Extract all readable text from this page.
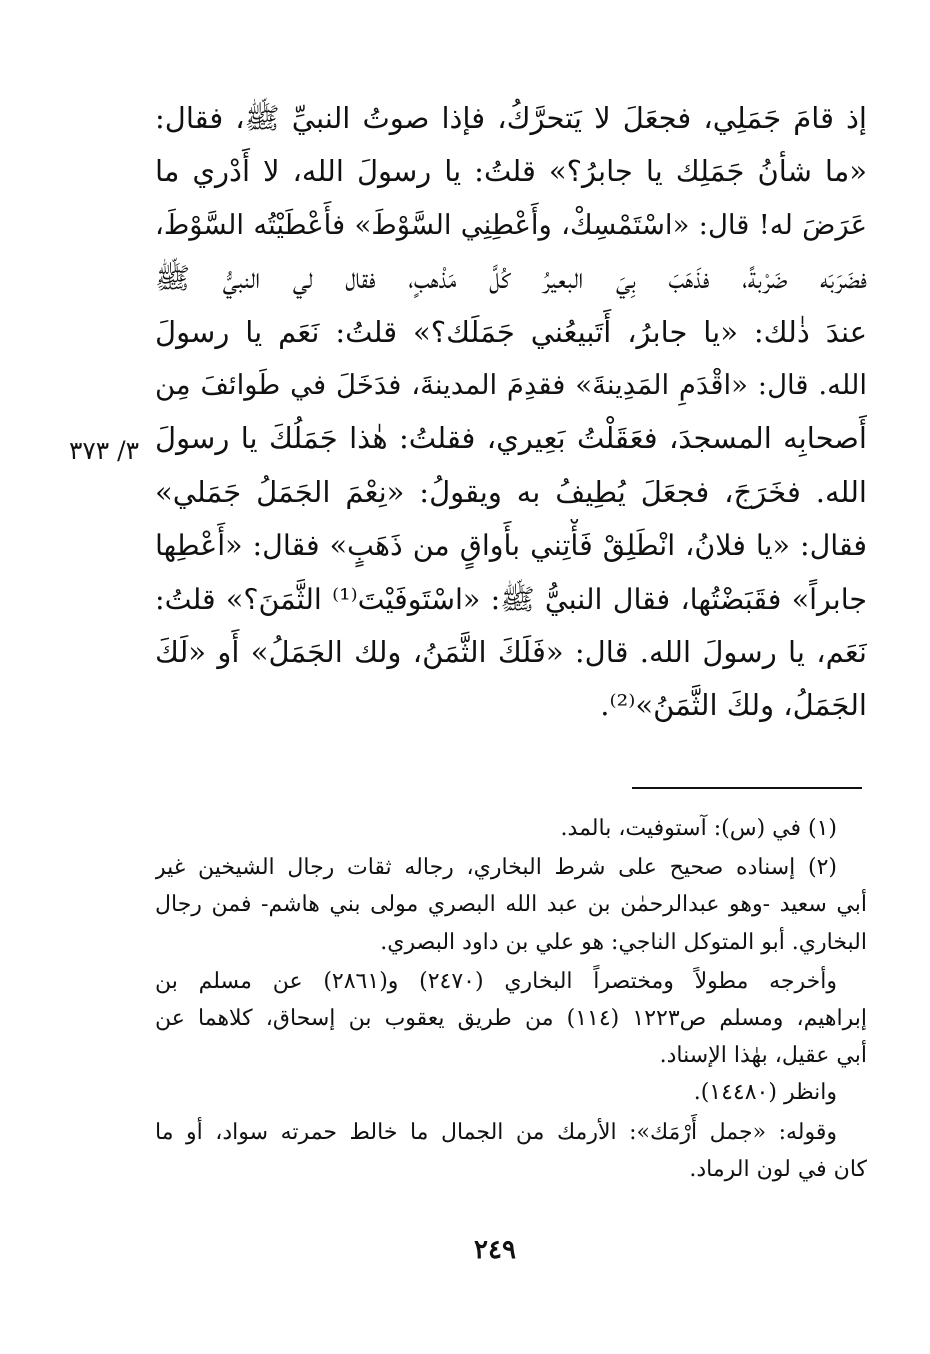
إذ قامَ جَمَلِي، فجعَلَ لا يَتحرَّكُ، فإذا صوتُ النبيِّ ﷺ، فقال:
«ما شأنُ جَمَلِك يا جابرُ؟» قلتُ: يا رسولَ الله، لا أَدْري ما
عَرَضَ له! قال: «اسْتَمْسِكْ، وأَعْطِنِي السَّوْطَ» فأَعْطَيْتُه السَّوْطَ،
فضَرَبَه ضَرْبةً، فذَهَبَ بِيَ البعيرُ كُلَّ مَذْهبٍ، فقال لي النبيُّ ﷺ
عندَ ذٰلك: «يا جابرُ، أَتَبيعُني جَمَلَك؟» قلتُ: نَعَم يا رسولَ
الله. قال: «اقْدَمِ المَدِينةَ» فقدِمَ المدينةَ، فدَخَلَ في طَوائفَ مِن
أَصحابِه المسجدَ، فعَقَلْتُ بَعِيري، فقلتُ: هٰذا جَمَلُكَ يا رسولَ
الله. فخَرَجَ، فجعَلَ يُطِيفُ به ويقولُ: «نِعْمَ الجَمَلُ جَمَلي»
فقال: «يا فلانُ، انْطَلِقْ فَأْتِني بأَواقٍ من ذَهَبٍ» فقال: «أَعْطِها
جابراً» فقَبَضْتُها، فقال النبيُّ ﷺ: «اسْتَوفَيْتَ⁽¹⁾ الثَّمَنَ؟» قلتُ:
نَعَم، يا رسولَ الله. قال: «فَلَكَ الثَّمَنُ، ولك الجَمَلُ» أَو «لَكَ
الجَمَلُ، ولكَ الثَّمَنُ»⁽²⁾.
٣/ ٣٧٣
(١) في (س): آستوفيت، بالمد.
(٢) إسناده صحيح على شرط البخاري، رجاله ثقات رجال الشيخين غير
أبي سعيد -وهو عبدالرحمٰن بن عبد الله البصري مولى بني هاشم- فمن رجال
البخاري. أبو المتوكل الناجي: هو علي بن داود البصري.
وأخرجه مطولاً ومختصراً البخاري (٢٤٧٠) و(٢٨٦١) عن مسلم بن
إبراهيم، ومسلم ص١٢٢٣ (١١٤) من طريق يعقوب بن إسحاق، كلاهما عن
أبي عقيل، بهٰذا الإسناد.
وانظر (١٤٤٨٠).
وقوله: «جمل أَرْمَك»: الأرمك من الجمال ما خالط حمرته سواد، أو ما
كان في لون الرماد.
٢٤٩
